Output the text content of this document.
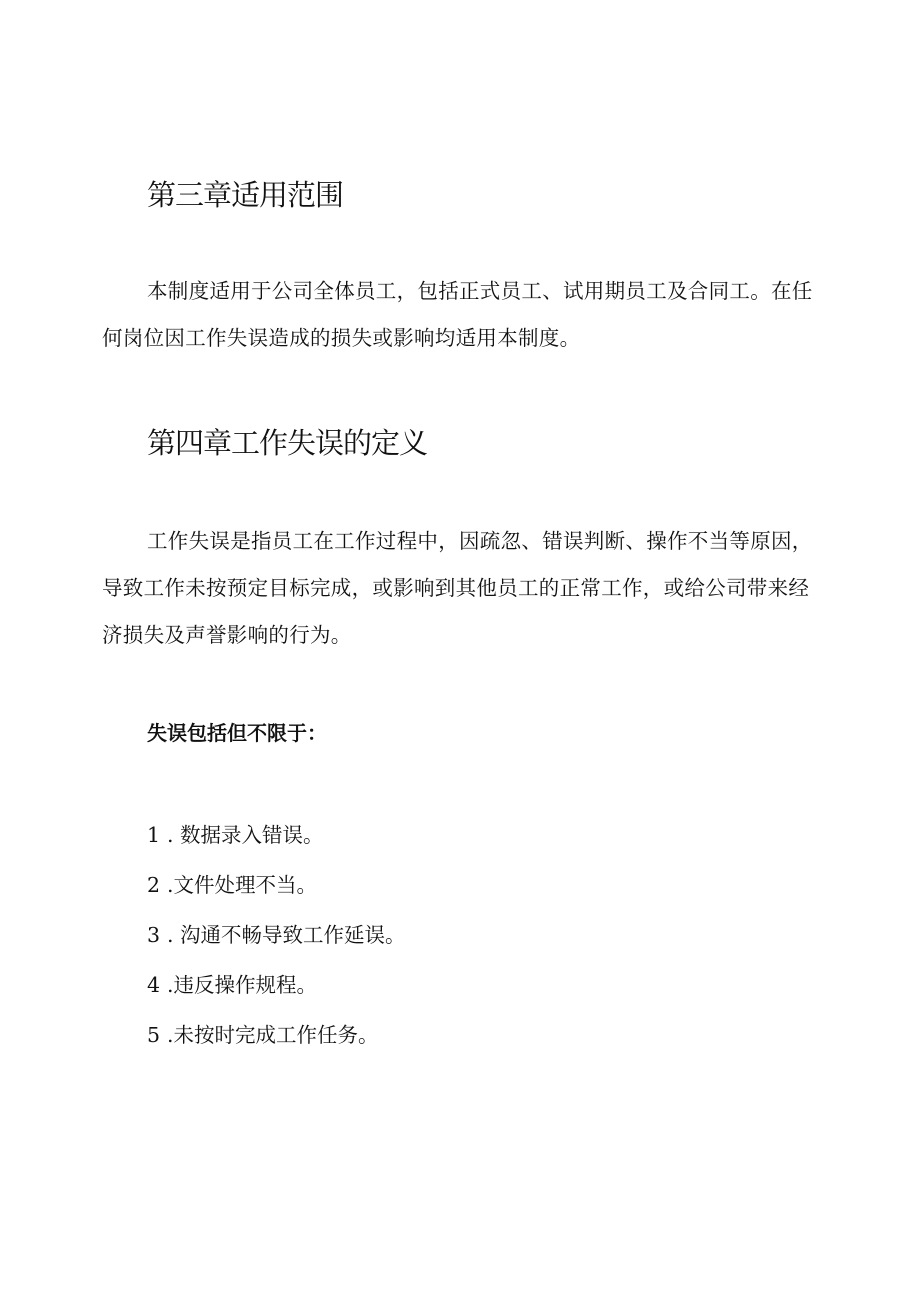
第三章适用范围

本制度适用于公司全体员工，包括正式员工、试用期员工及合同工。在任何岗位因工作失误造成的损失或影响均适用本制度。

第四章工作失误的定义

工作失误是指员工在工作过程中，因疏忽、错误判断、操作不当等原因，导致工作未按预定目标完成，或影响到其他员工的正常工作，或给公司带来经济损失及声誉影响的行为。

失误包括但不限于：

1 . 数据录入错误。
2 .文件处理不当。
3 . 沟通不畅导致工作延误。
4 .违反操作规程。
5 .未按时完成工作任务。
